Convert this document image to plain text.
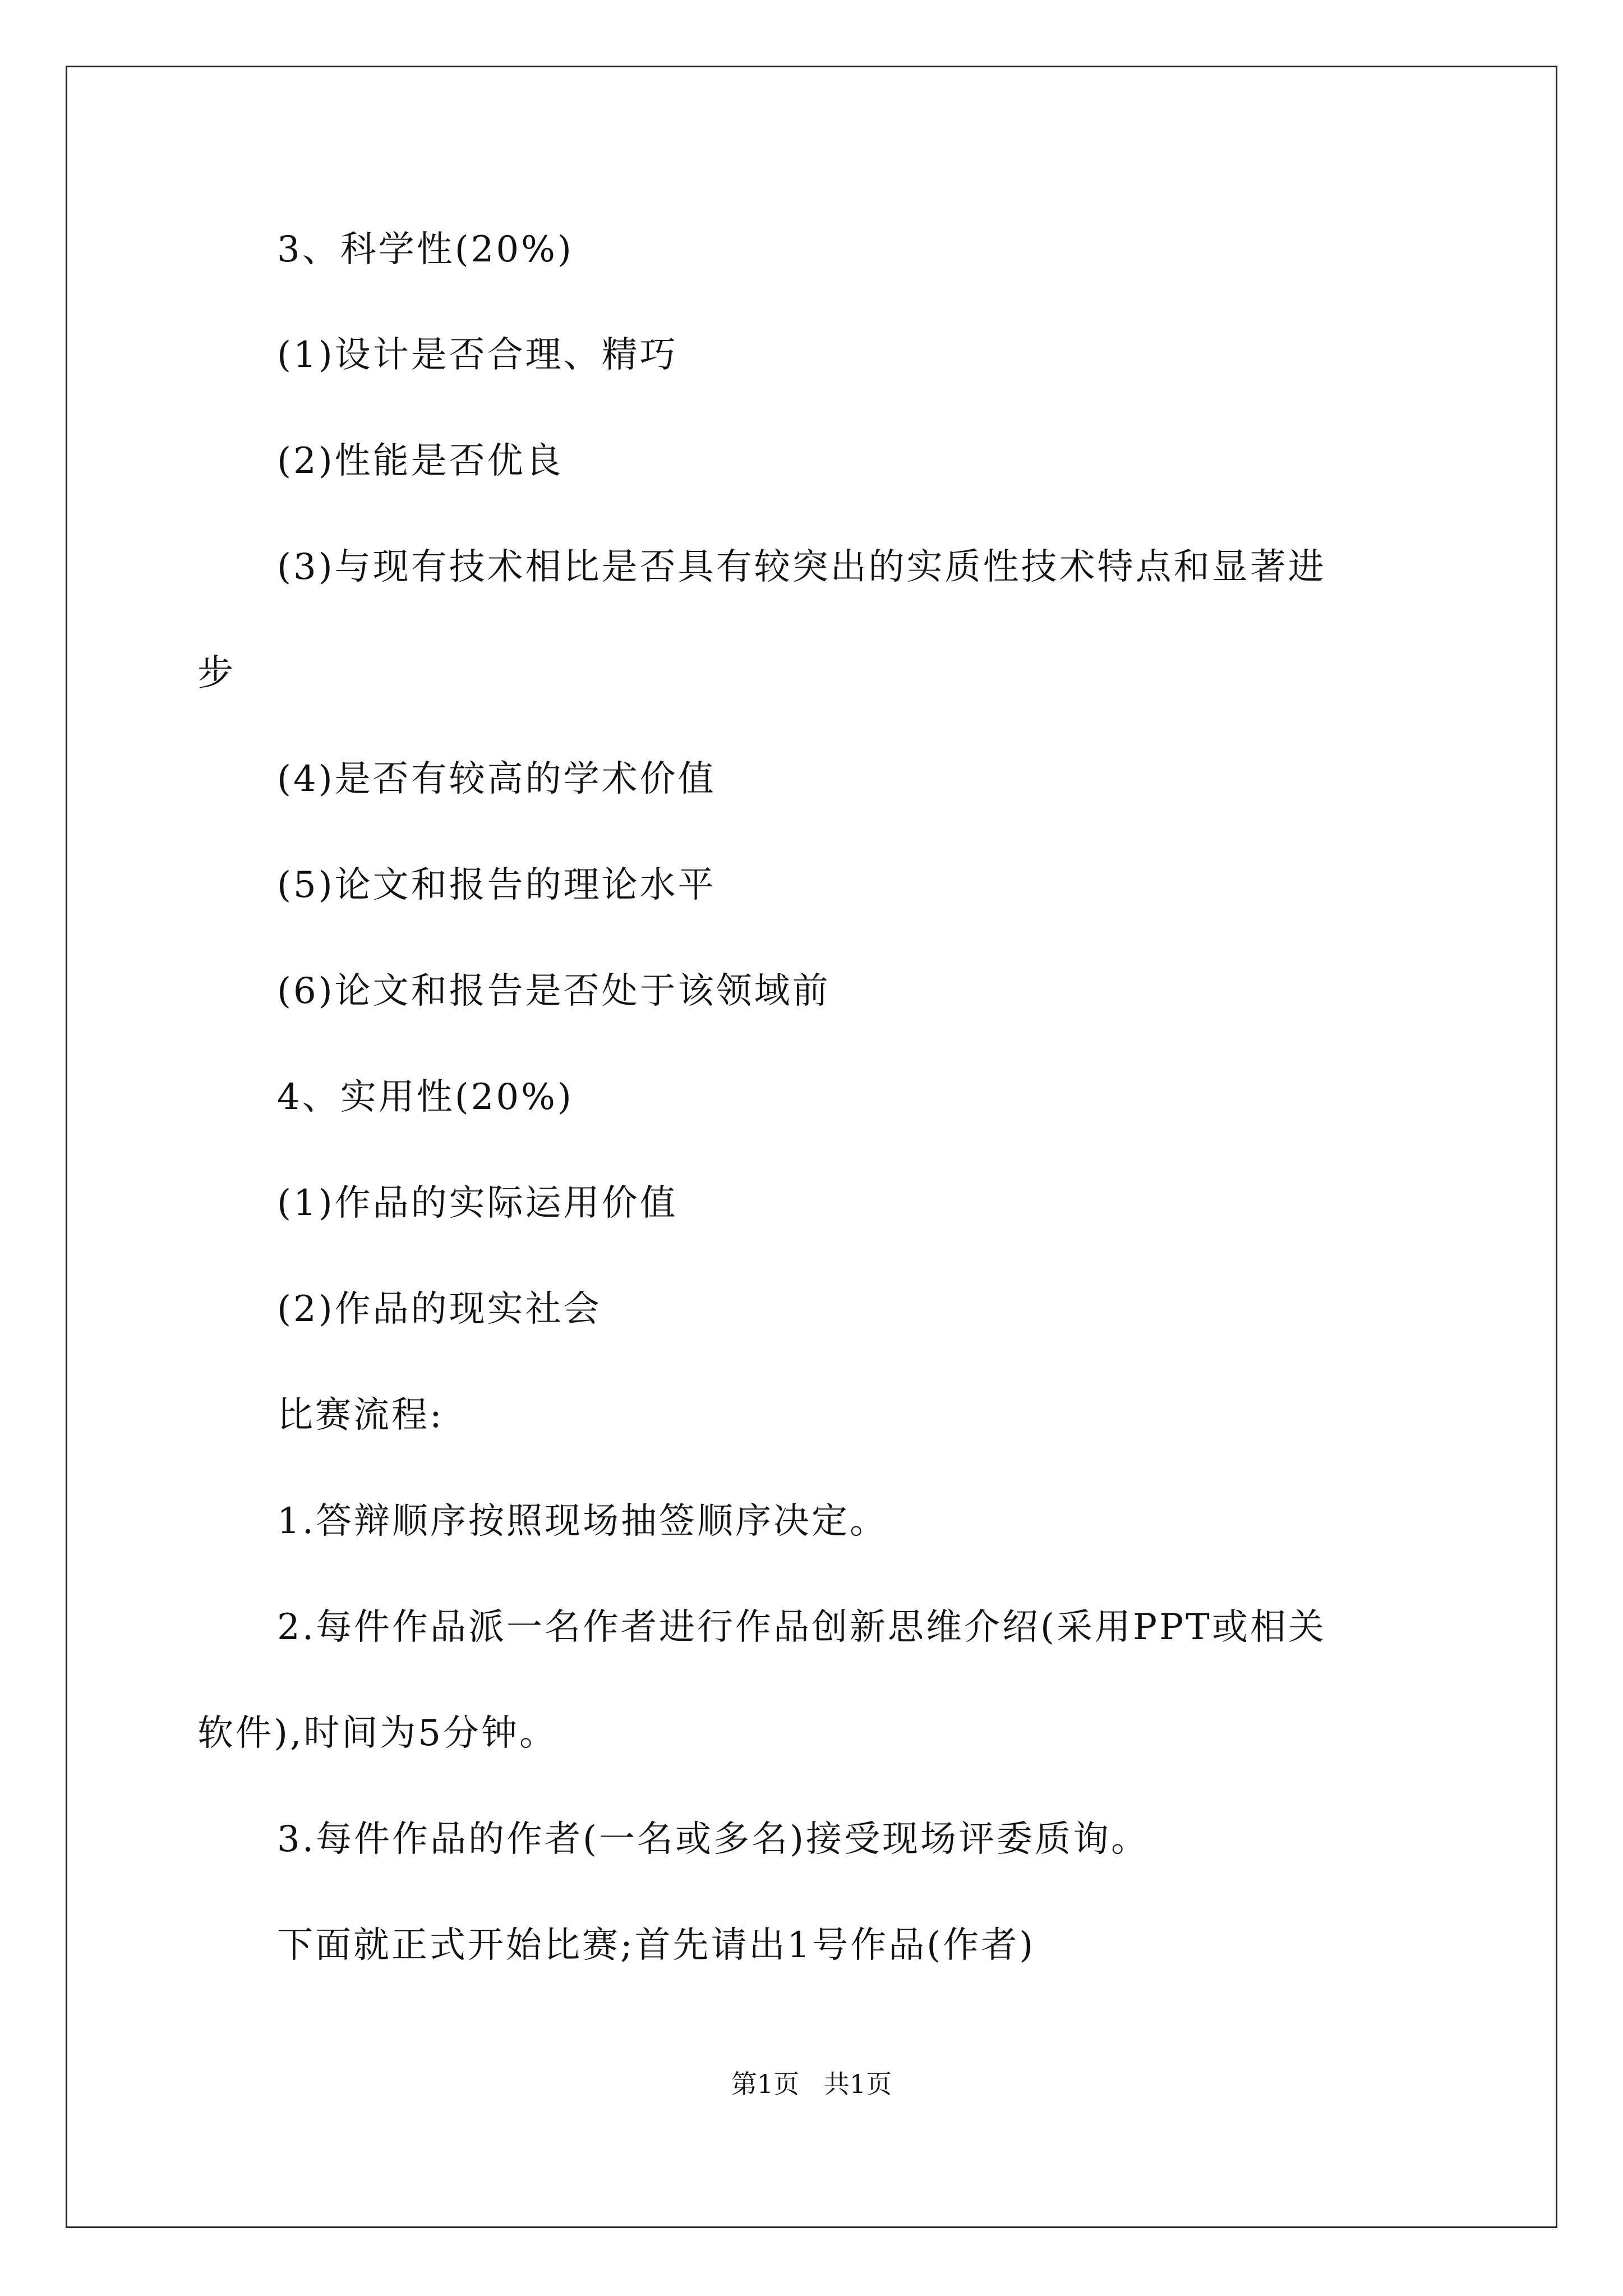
3、科学性(20%)
(1)设计是否合理、精巧
(2)性能是否优良
(3)与现有技术相比是否具有较突出的实质性技术特点和显著进
步
(4)是否有较高的学术价值
(5)论文和报告的理论水平
(6)论文和报告是否处于该领域前
4、实用性(20%)
(1)作品的实际运用价值
(2)作品的现实社会
比赛流程:
1.答辩顺序按照现场抽签顺序决定。
2.每件作品派一名作者进行作品创新思维介绍(采用PPT或相关
软件),时间为5分钟。
3.每件作品的作者(一名或多名)接受现场评委质询。
下面就正式开始比赛;首先请出1号作品(作者)
第1页   共1页
